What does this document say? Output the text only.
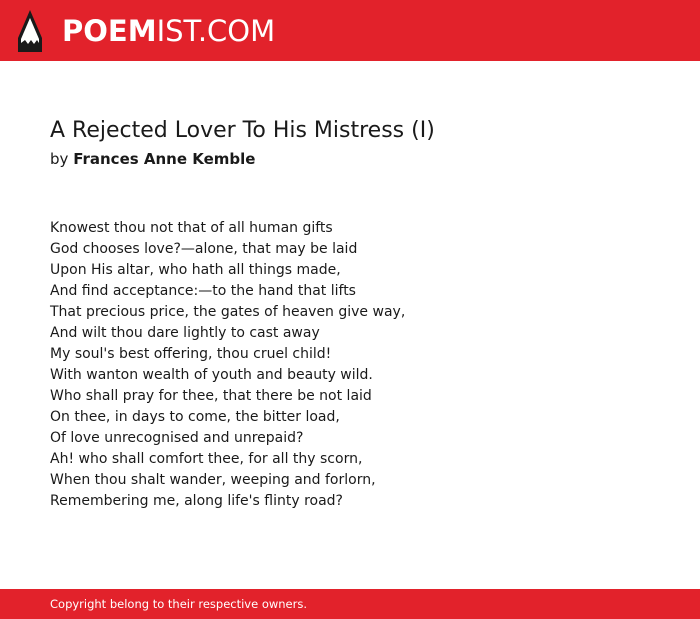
POEMIST.COM
A Rejected Lover To His Mistress (I)
by Frances Anne Kemble
Knowest thou not that of all human gifts
God chooses love?—alone, that may be laid
Upon His altar, who hath all things made,
And find acceptance:—to the hand that lifts
That precious price, the gates of heaven give way,
And wilt thou dare lightly to cast away
My soul's best offering, thou cruel child!
With wanton wealth of youth and beauty wild.
Who shall pray for thee, that there be not laid
On thee, in days to come, the bitter load,
Of love unrecognised and unrepaid?
Ah! who shall comfort thee, for all thy scorn,
When thou shalt wander, weeping and forlorn,
Remembering me, along life's flinty road?
Copyright belong to their respective owners.
